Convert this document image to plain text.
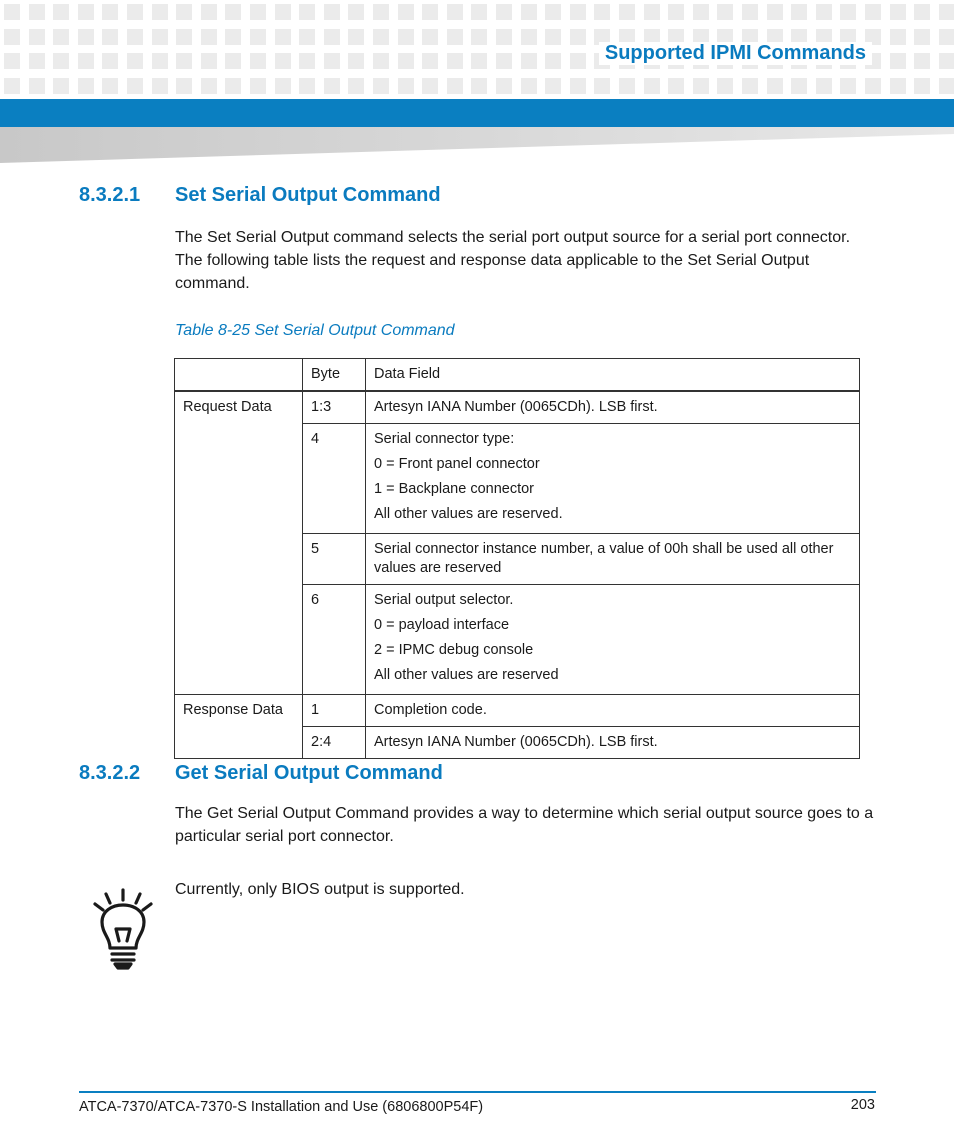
Supported IPMI Commands
8.3.2.1 Set Serial Output Command
The Set Serial Output command selects the serial port output source for a serial port connector. The following table lists the request and response data applicable to the Set Serial Output command.
Table 8-25 Set Serial Output Command
	Byte	Data Field
Request Data	1:3	Artesyn IANA Number (0065CDh). LSB first.
	4	Serial connector type:
0 = Front panel connector
1 = Backplane connector
All other values are reserved.

	5	Serial connector instance number, a value of 00h shall be used all other values are reserved
	6	Serial output selector.
0 = payload interface
2 = IPMC debug console
All other values are reserved

Response Data	1	Completion code.
	2:4	Artesyn IANA Number (0065CDh). LSB first.
8.3.2.2 Get Serial Output Command
The Get Serial Output Command provides a way to determine which serial output source goes to a particular serial port connector.
Currently, only BIOS output is supported.
ATCA-7370/ATCA-7370-S Installation and Use (6806800P54F)	203
